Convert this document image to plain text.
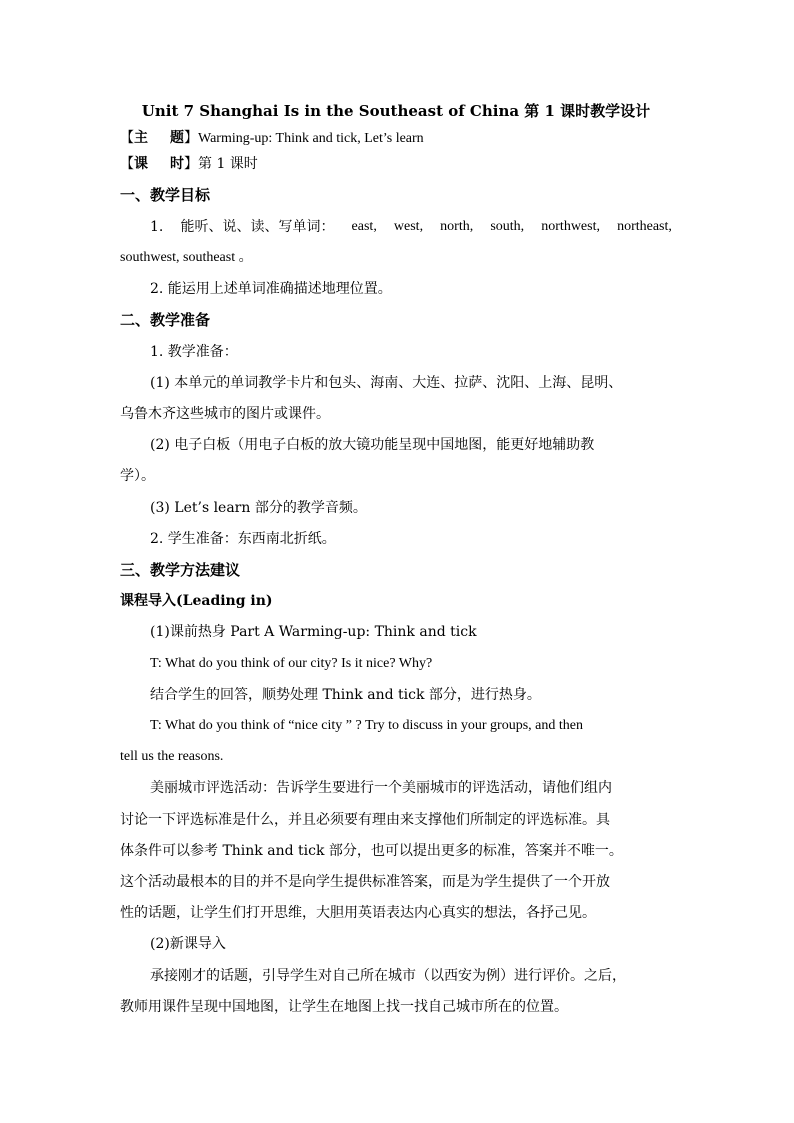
Unit 7 Shanghai Is in the Southeast of China 第 1 课时教学设计
【主 题】Warming-up: Think and tick, Let’s learn
【课 时】第 1 课时
一、教学目标
1. 能听、说、读、写单词： east, west, north, south, northwest, northeast,
southwest, southeast 。
2. 能运用上述单词准确描述地理位置。
二、教学准备
1. 教学准备：
(1) 本单元的单词教学卡片和包头、海南、大连、拉萨、沈阳、上海、昆明、
乌鲁木齐这些城市的图片或课件。
(2) 电子白板（用电子白板的放大镜功能呈现中国地图，能更好地辅助教
学）。
(3) Let’s learn 部分的教学音频。
2. 学生准备：东西南北折纸。
三、教学方法建议
课程导入(Leading in)
(1)课前热身 Part A Warming-up: Think and tick
T: What do you think of our city? Is it nice? Why?
结合学生的回答，顺势处理 Think and tick 部分，进行热身。
T: What do you think of “nice city ” ? Try to discuss in your groups, and then
tell us the reasons.
美丽城市评选活动：告诉学生要进行一个美丽城市的评选活动，请他们组内
讨论一下评选标准是什么，并且必须要有理由来支撑他们所制定的评选标准。具
体条件可以参考 Think and tick 部分，也可以提出更多的标准，答案并不唯一。
这个活动最根本的目的并不是向学生提供标准答案，而是为学生提供了一个开放
性的话题，让学生们打开思维，大胆用英语表达内心真实的想法，各抒己见。
(2)新课导入
承接刚才的话题，引导学生对自己所在城市（以西安为例）进行评价。之后，
教师用课件呈现中国地图，让学生在地图上找一找自己城市所在的位置。
